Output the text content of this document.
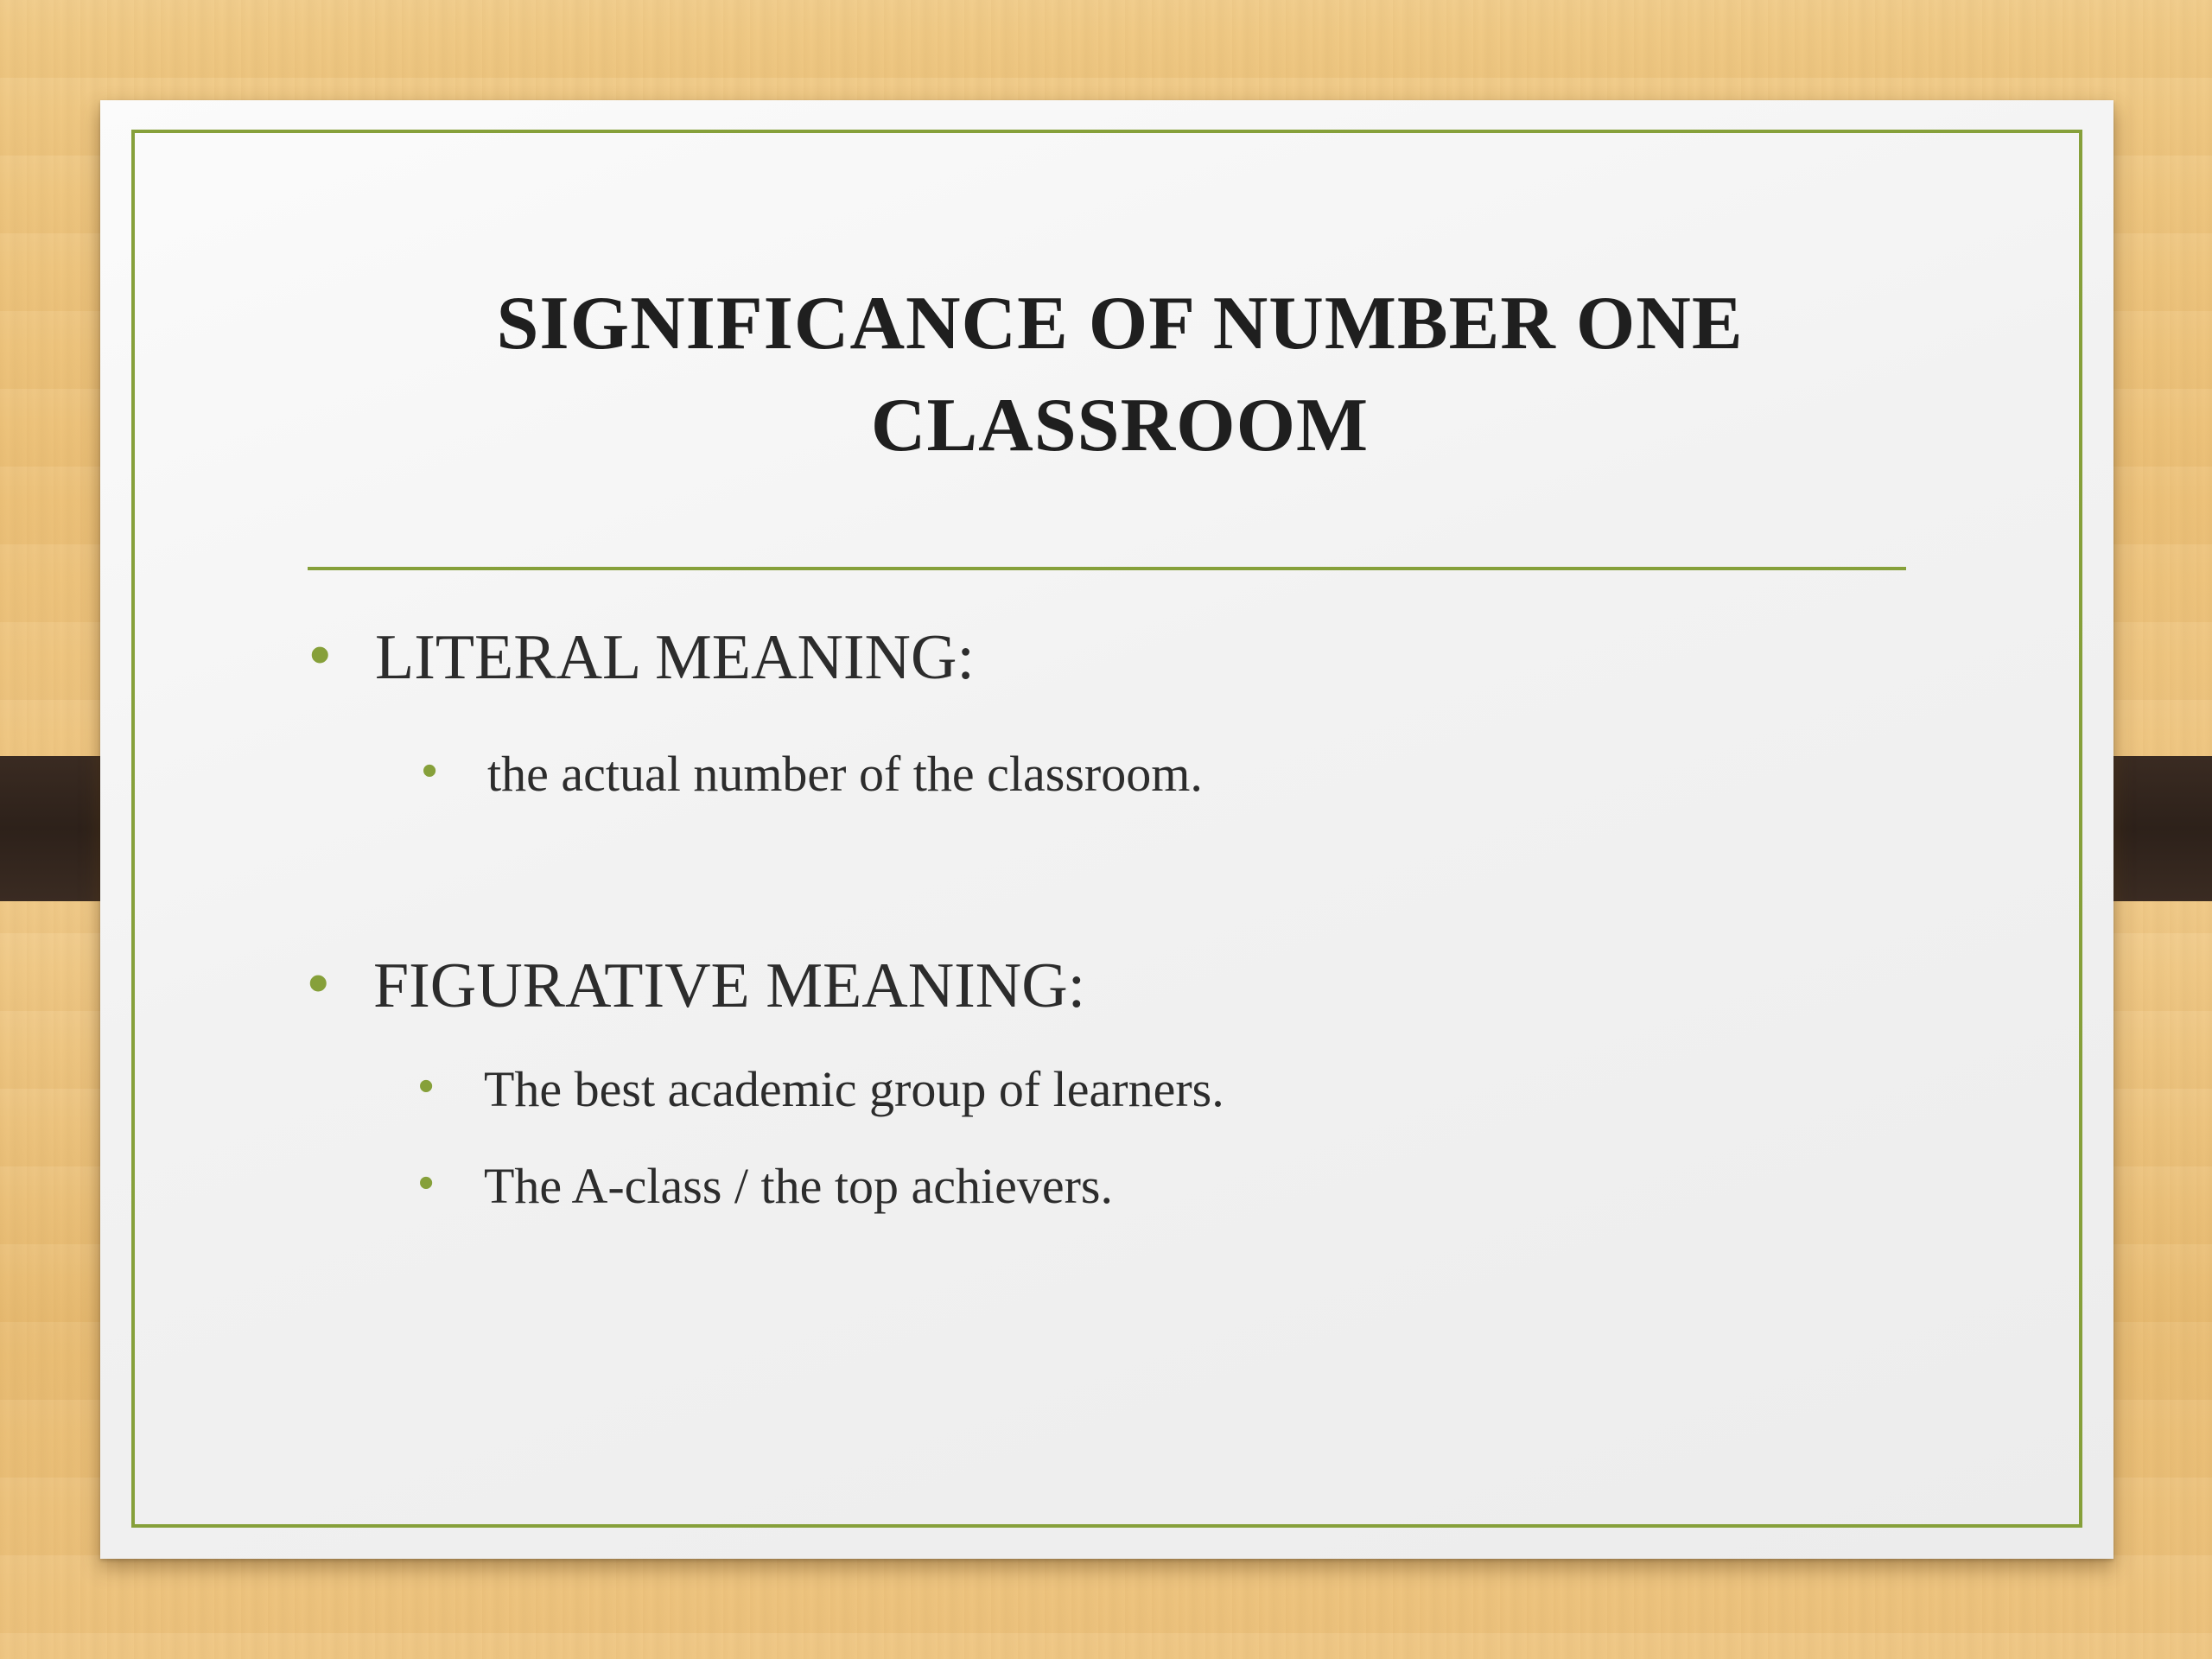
SIGNIFICANCE OF NUMBER ONE
CLASSROOM
• LITERAL MEANING:
• the actual number of the classroom.
• FIGURATIVE MEANING:
• The best academic group of learners.
• The A-class / the top achievers.
